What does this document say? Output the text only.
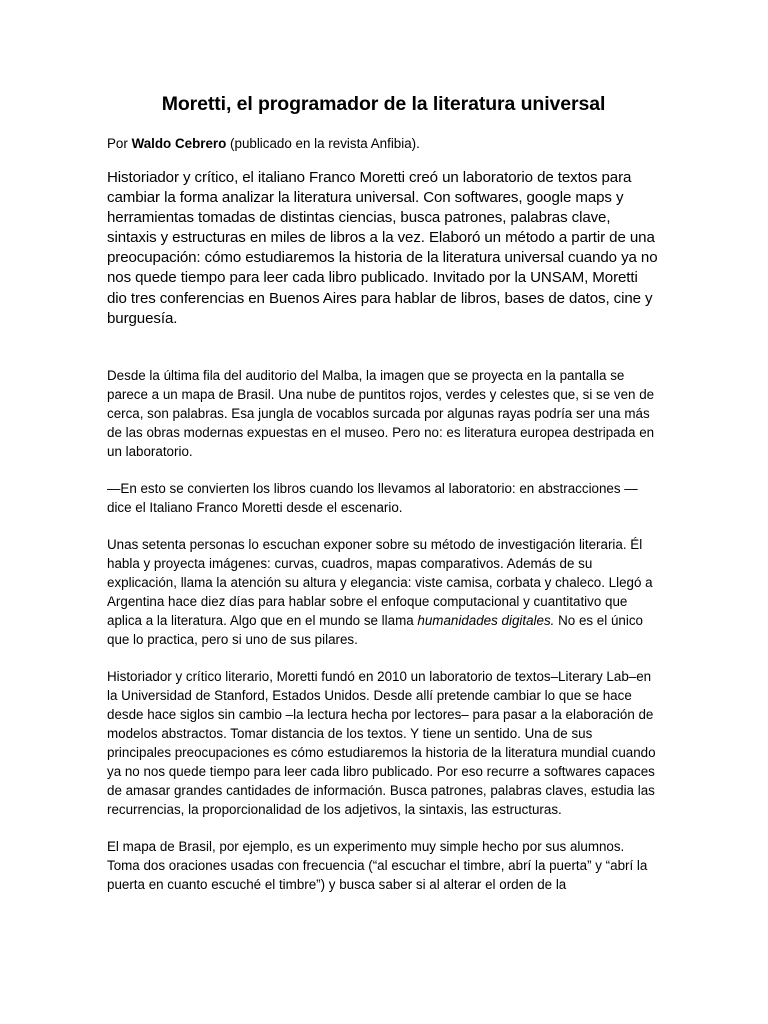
Moretti, el programador de la literatura universal

Por Waldo Cebrero (publicado en la revista Anfibia).

Historiador y crítico, el italiano Franco Moretti creó un laboratorio de textos para cambiar la forma analizar la literatura universal. Con softwares, google maps y herramientas tomadas de distintas ciencias, busca patrones, palabras clave, sintaxis y estructuras en miles de libros a la vez. Elaboró un método a partir de una preocupación: cómo estudiaremos la historia de la literatura universal cuando ya no nos quede tiempo para leer cada libro publicado. Invitado por la UNSAM, Moretti dio tres conferencias en Buenos Aires para hablar de libros, bases de datos, cine y burguesía.

Desde la última fila del auditorio del Malba, la imagen que se proyecta en la pantalla se parece a un mapa de Brasil. Una nube de puntitos rojos, verdes y celestes que, si se ven de cerca, son palabras. Esa jungla de vocablos surcada por algunas rayas podría ser una más de las obras modernas expuestas en el museo. Pero no: es literatura europea destripada en un laboratorio.

—En esto se convierten los libros cuando los llevamos al laboratorio: en abstracciones —dice el Italiano Franco Moretti desde el escenario.

Unas setenta personas lo escuchan exponer sobre su método de investigación literaria. Él habla y proyecta imágenes: curvas, cuadros, mapas comparativos. Además de su explicación, llama la atención su altura y elegancia: viste camisa, corbata y chaleco. Llegó a Argentina hace diez días para hablar sobre el enfoque computacional y cuantitativo que aplica a la literatura. Algo que en el mundo se llama humanidades digitales. No es el único que lo practica, pero si uno de sus pilares.

Historiador y crítico literario, Moretti fundó en 2010 un laboratorio de textos–Literary Lab–en la Universidad de Stanford, Estados Unidos. Desde allí pretende cambiar lo que se hace desde hace siglos sin cambio –la lectura hecha por lectores– para pasar a la elaboración de modelos abstractos. Tomar distancia de los textos. Y tiene un sentido. Una de sus principales preocupaciones es cómo estudiaremos la historia de la literatura mundial cuando ya no nos quede tiempo para leer cada libro publicado. Por eso recurre a softwares capaces de amasar grandes cantidades de información. Busca patrones, palabras claves, estudia las recurrencias, la proporcionalidad de los adjetivos, la sintaxis, las estructuras.

El mapa de Brasil, por ejemplo, es un experimento muy simple hecho por sus alumnos. Toma dos oraciones usadas con frecuencia (“al escuchar el timbre, abrí la puerta” y “abrí la puerta en cuanto escuché el timbre”) y busca saber si al alterar el orden de la
